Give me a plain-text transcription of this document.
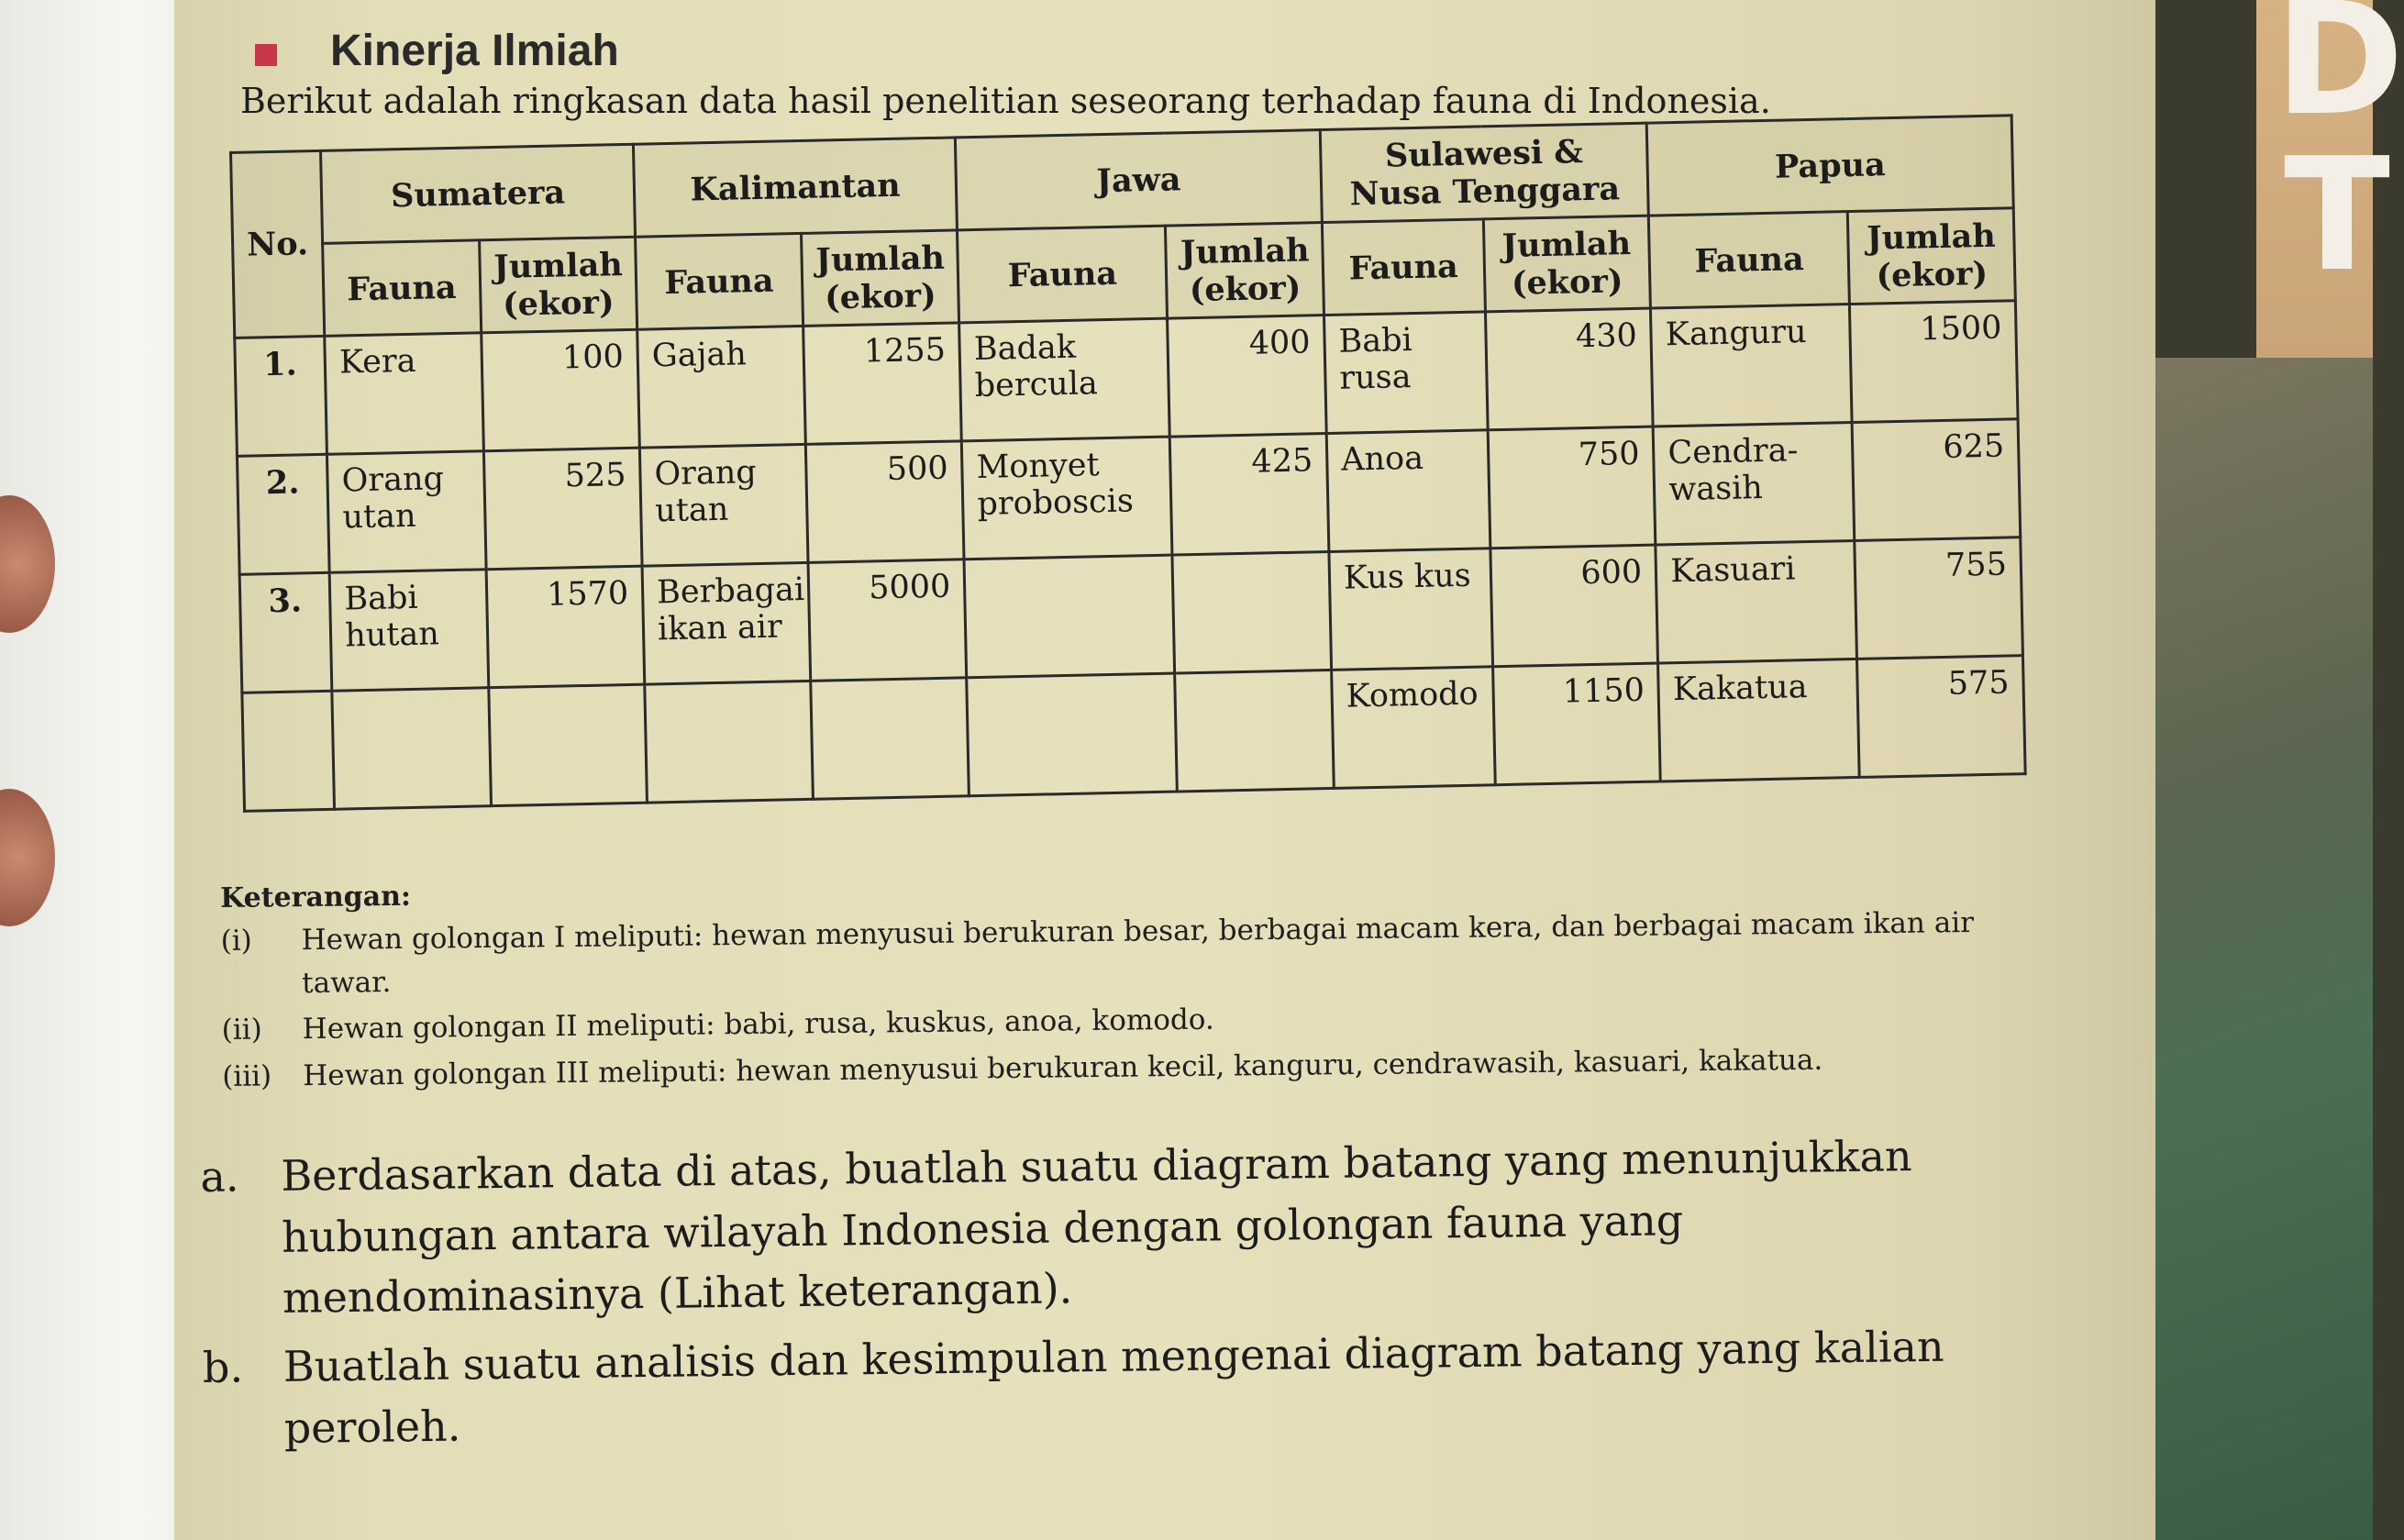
D
T
Kinerja Ilmiah
Berikut adalah ringkasan data hasil penelitian seseorang terhadap fauna di Indonesia.
No.	Sumatera		Kalimantan		Jawa		Sulawesi & Nusa Tenggara		Papua	
	Fauna	Jumlah (ekor)	Fauna	Jumlah (ekor)	Fauna	Jumlah (ekor)	Fauna	Jumlah (ekor)	Fauna	Jumlah (ekor)
1.	Kera	100	Gajah	1255	Badak bercula	400	Babi rusa	430	Kanguru	1500
2.	Orang utan	525	Orang utan	500	Monyet proboscis	425	Anoa	750	Cendra-wasih	625
3.	Babi hutan	1570	Berbagai ikan air	5000			Kus kus	600	Kasuari	755
							Komodo	1150	Kakatua	575
Keterangan:
(i)	Hewan golongan I meliputi: hewan menyusui berukuran besar, berbagai macam kera, dan berbagai macam ikan air tawar.
(ii)	Hewan golongan II meliputi: babi, rusa, kuskus, anoa, komodo.
(iii)	Hewan golongan III meliputi: hewan menyusui berukuran kecil, kanguru, cendrawasih, kasuari, kakatua.
a. Berdasarkan data di atas, buatlah suatu diagram batang yang menunjukkan hubungan antara wilayah Indonesia dengan golongan fauna yang mendominasinya (Lihat keterangan).
b. Buatlah suatu analisis dan kesimpulan mengenai diagram batang yang kalian peroleh.
